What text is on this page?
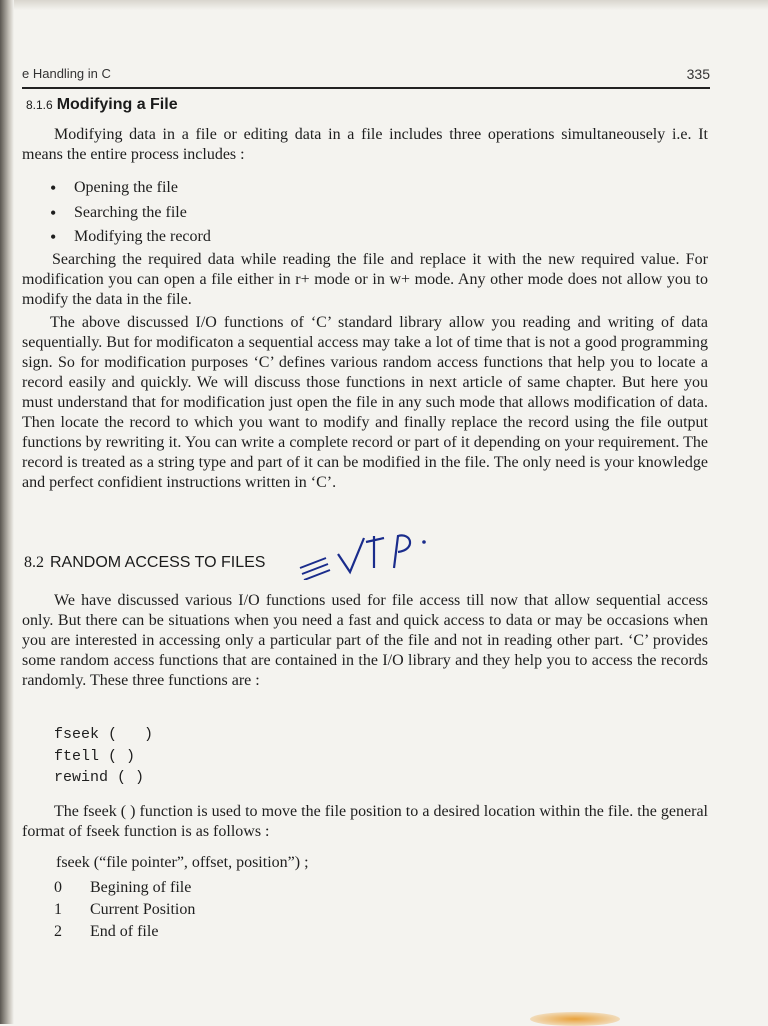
e Handling in C	335
8.1.6 Modifying a File

Modifying data in a file or editing data in a file includes three operations simultaneousely i.e. It means the entire process includes :

• Opening the file
• Searching the file
• Modifying the record

Searching the required data while reading the file and replace it with the new required value. For modification you can open a file either in r+ mode or in w+ mode. Any other mode does not allow you to modify the data in the file.

The above discussed I/O functions of ‘C’ standard library allow you reading and writing of data sequentially. But for modificaton a sequential access may take a lot of time that is not a good programming sign. So for modification purposes ‘C’ defines various random access functions that help you to locate a record easily and quickly. We will discuss those functions in next article of same chapter. But here you must understand that for modification just open the file in any such mode that allows modification of data. Then locate the record to which you want to modify and finally replace the record using the file output functions by rewriting it. You can write a complete record or part of it depending on your requirement. The record is treated as a string type and part of it can be modified in the file. The only need is your knowledge and perfect confidient instructions written in ‘C’.

8.2 RANDOM ACCESS TO FILES

We have discussed various I/O functions used for file access till now that allow sequential access only. But there can be situations when you need a fast and quick access to data or may be occasions when you are interested in accessing only a particular part of the file and not in reading other part. ‘C’ provides some random access functions that are contained in the I/O library and they help you to access the records randomly. These three functions are :

fseek (   )
ftell ( )
rewind ( )

The fseek ( ) function is used to move the file position to a desired location within the file. the general format of fseek function is as follows :

fseek (“file pointer”, offset, position”) ;
0 Begining of file
1 Current Position
2 End of file
